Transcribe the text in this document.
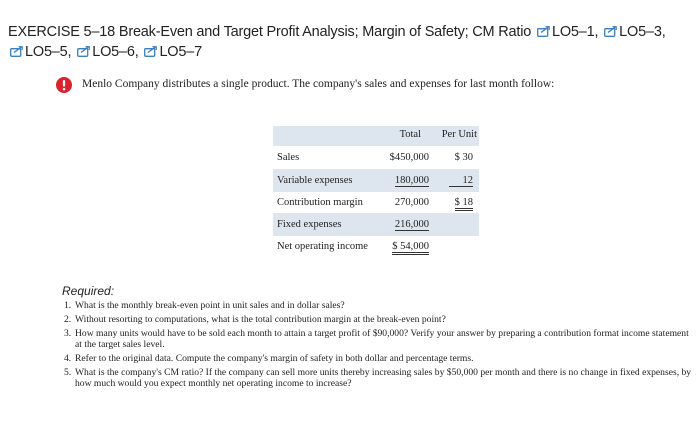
EXERCISE 5–18 Break-Even and Target Profit Analysis; Margin of Safety; CM Ratio LO5–1, LO5–3,

LO5–5, LO5–6, LO5–7
Menlo Company distributes a single product. The company's sales and expenses for last month follow:
Total Per Unit
Sales	$450,000 $ 30
Variable expenses	180,000	12
Contribution margin	270,000 $ 18
Fixed expenses	216,000
Net operating income $ 54,000
Required:
1. What is the monthly break-even point in unit sales and in dollar sales?
2. Without resorting to computations, what is the total contribution margin at the break-even point?
3. How many units would have to be sold each month to attain a target profit of $90,000? Verify your answer by preparing a contribution format income statement at the target sales level.
4. Refer to the original data. Compute the company's margin of safety in both dollar and percentage terms.
5. What is the company's CM ratio? If the company can sell more units thereby increasing sales by $50,000 per month and there is no change in fixed expenses, by how much would you expect monthly net operating income to increase?
